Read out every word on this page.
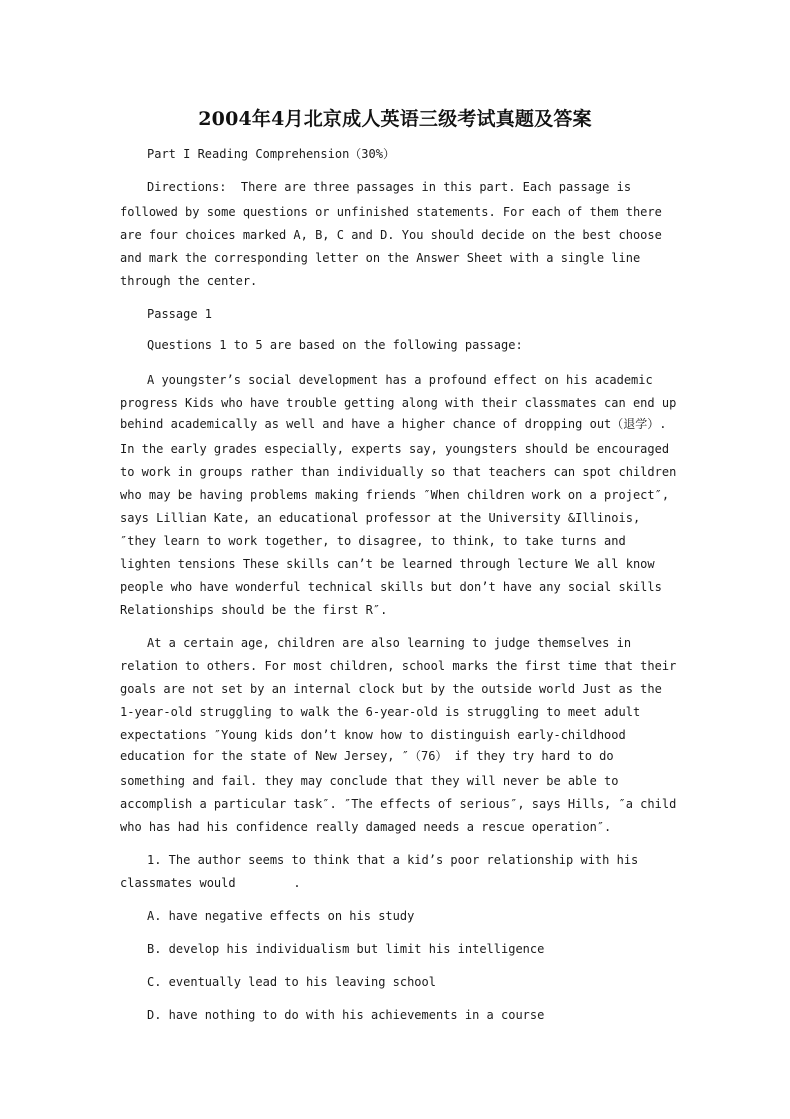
2004年4月北京成人英语三级考试真题及答案
Part I Reading Comprehension（30%）
Directions:  There are three passages in this part. Each passage is
followed by some questions or unfinished statements. For each of them there
are four choices marked A, B, C and D. You should decide on the best choose
and mark the corresponding letter on the Answer Sheet with a single line
through the center.
Passage 1
Questions 1 to 5 are based on the following passage:
A youngster’s social development has a profound effect on his academic
progress Kids who have trouble getting along with their classmates can end up
behind academically as well and have a higher chance of dropping out（退学）.
In the early grades especially, experts say, youngsters should be encouraged
to work in groups rather than individually so that teachers can spot children
who may be having problems making friends ″When children work on a project″,
says Lillian Kate, an educational professor at the University &Illinois,
″they learn to work together, to disagree, to think, to take turns and
lighten tensions These skills can’t be learned through lecture We all know
people who have wonderful technical skills but don’t have any social skills
Relationships should be the first R″.
At a certain age, children are also learning to judge themselves in
relation to others. For most children, school marks the first time that their
goals are not set by an internal clock but by the outside world Just as the
1-year-old struggling to walk the 6-year-old is struggling to meet adult
expectations ″Young kids don’t know how to distinguish early-childhood
education for the state of New Jersey, ″（76） if they try hard to do
something and fail. they may conclude that they will never be able to
accomplish a particular task″. ″The effects of serious″, says Hills, ″a child
who has had his confidence really damaged needs a rescue operation″.
1. The author seems to think that a kid’s poor relationship with his
classmates would        .
A. have negative effects on his study
B. develop his individualism but limit his intelligence
C. eventually lead to his leaving school
D. have nothing to do with his achievements in a course
